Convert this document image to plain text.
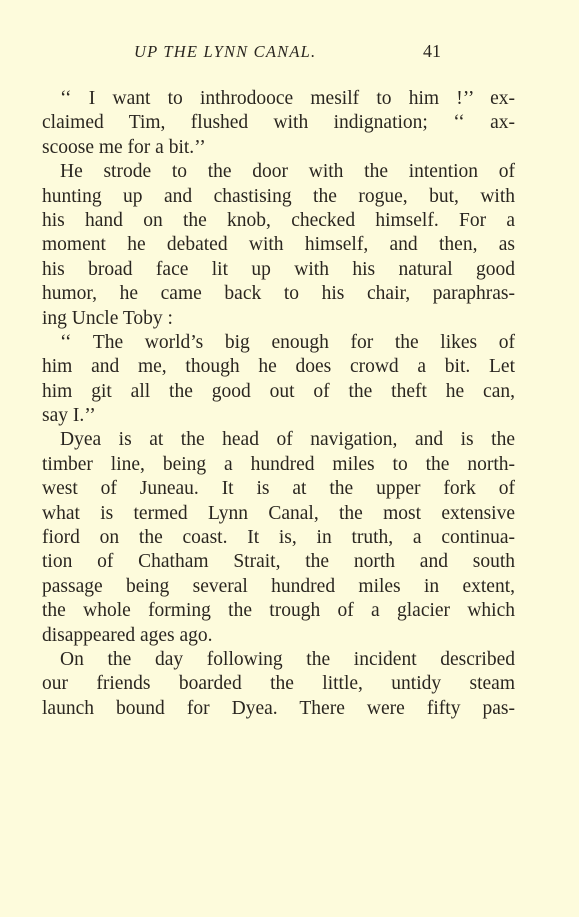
UP THE LYNN CANAL.	41
‘‘ I want to inthrodooce mesilf to him !’’ ex-
claimed Tim, flushed with indignation; ‘‘ ax-
scoose me for a bit.’’
He strode to the door with the intention of
hunting up and chastising the rogue, but, with
his hand on the knob, checked himself. For a
moment he debated with himself, and then, as
his broad face lit up with his natural good
humor, he came back to his chair, paraphras-
ing Uncle Toby :
‘‘ The world’s big enough for the likes of
him and me, though he does crowd a bit. Let
him git all the good out of the theft he can,
say I.’’
Dyea is at the head of navigation, and is the
timber line, being a hundred miles to the north-
west of Juneau. It is at the upper fork of
what is termed Lynn Canal, the most extensive
fiord on the coast. It is, in truth, a continua-
tion of Chatham Strait, the north and south
passage being several hundred miles in extent,
the whole forming the trough of a glacier which
disappeared ages ago.
On the day following the incident described
our friends boarded the little, untidy steam
launch bound for Dyea. There were fifty pas-
